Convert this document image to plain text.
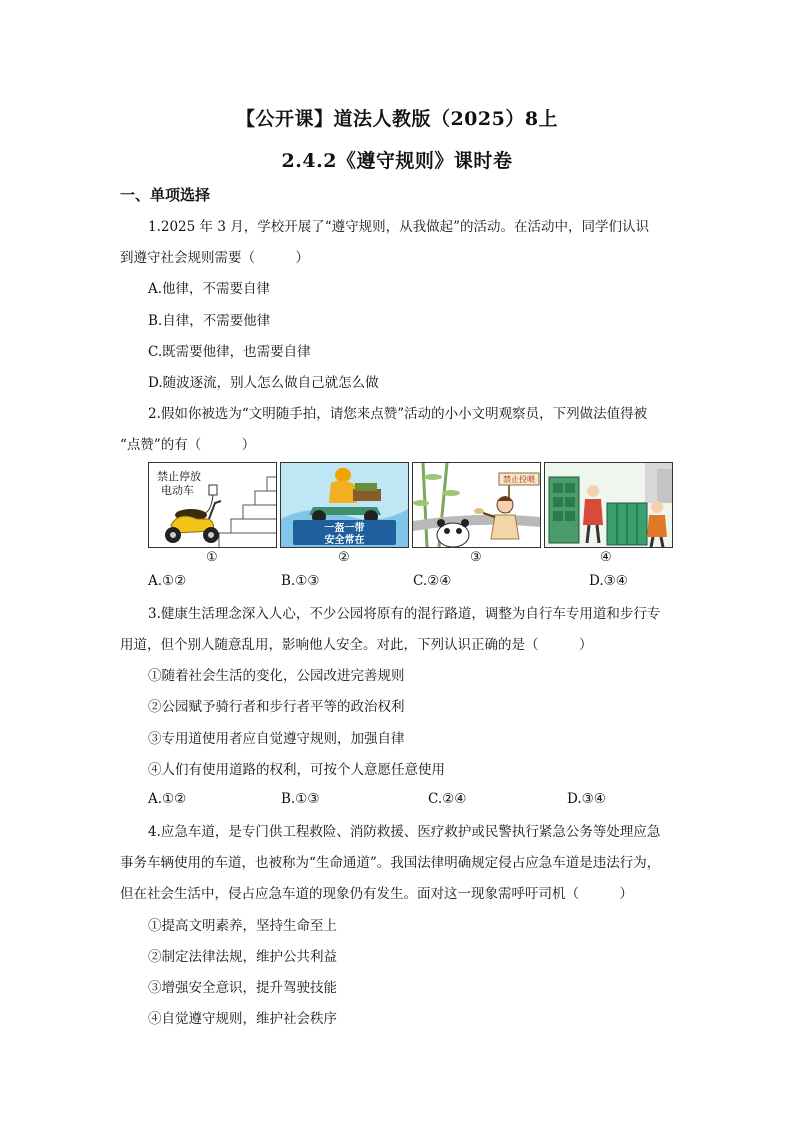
【公开课】道法人教版（2025）8上
2.4.2《遵守规则》课时卷
一、单项选择
1.2025 年 3 月，学校开展了“遵守规则，从我做起”的活动。在活动中，同学们认识
到遵守社会规则需要（　　　）
A.他律，不需要自律
B.自律，不需要他律
C.既需要他律，也需要自律
D.随波逐流，别人怎么做自己就怎么做
2.假如你被选为“文明随手拍，请您来点赞”活动的小小文明观察员，下列做法值得被
“点赞”的有（　　　）
禁止停放
电动车
一盔一带
安全常在
禁止投喂
①	②	③	④
A.①②	B.①③	C.②④	D.③④
3.健康生活理念深入人心，不少公园将原有的混行路道，调整为自行车专用道和步行专
用道，但个别人随意乱用，影响他人安全。对此，下列认识正确的是（　　　）
①随着社会生活的变化，公园改进完善规则
②公园赋予骑行者和步行者平等的政治权利
③专用道使用者应自觉遵守规则，加强自律
④人们有使用道路的权利，可按个人意愿任意使用
A.①②	B.①③	C.②④	D.③④
4.应急车道，是专门供工程救险、消防救援、医疗救护或民警执行紧急公务等处理应急
事务车辆使用的车道，也被称为“生命通道”。我国法律明确规定侵占应急车道是违法行为，
但在社会生活中，侵占应急车道的现象仍有发生。面对这一现象需呼吁司机（　　　）
①提高文明素养，坚持生命至上
②制定法律法规，维护公共利益
③增强安全意识，提升驾驶技能
④自觉遵守规则，维护社会秩序
